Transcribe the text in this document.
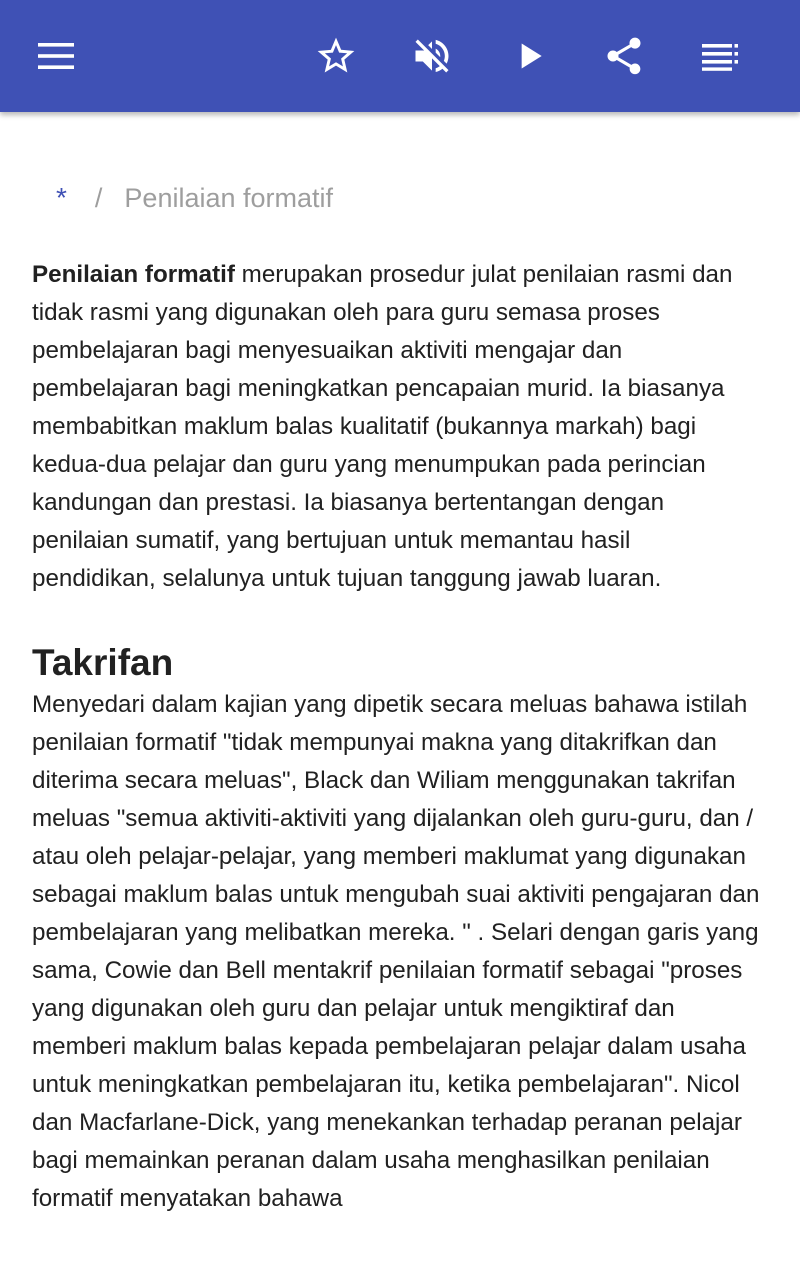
* / Penilaian formatif

Penilaian formatif merupakan prosedur julat penilaian rasmi dan tidak rasmi yang digunakan oleh para guru semasa proses pembelajaran bagi menyesuaikan aktiviti mengajar dan pembelajaran bagi meningkatkan pencapaian murid. Ia biasanya membabitkan maklum balas kualitatif (bukannya markah) bagi kedua-dua pelajar dan guru yang menumpukan pada perincian kandungan dan prestasi. Ia biasanya bertentangan dengan penilaian sumatif, yang bertujuan untuk memantau hasil pendidikan, selalunya untuk tujuan tanggung jawab luaran.

Takrifan

Menyedari dalam kajian yang dipetik secara meluas bahawa istilah penilaian formatif "tidak mempunyai makna yang ditakrifkan dan diterima secara meluas", Black dan Wiliam menggunakan takrifan meluas "semua aktiviti-aktiviti yang dijalankan oleh guru-guru, dan / atau oleh pelajar-pelajar, yang memberi maklumat yang digunakan sebagai maklum balas untuk mengubah suai aktiviti pengajaran dan pembelajaran yang melibatkan mereka. " . Selari dengan garis yang sama, Cowie dan Bell mentakrif penilaian formatif sebagai "proses yang digunakan oleh guru dan pelajar untuk mengiktiraf dan memberi maklum balas kepada pembelajaran pelajar dalam usaha untuk meningkatkan pembelajaran itu, ketika pembelajaran". Nicol dan Macfarlane-Dick, yang menekankan terhadap peranan pelajar bagi memainkan peranan dalam usaha menghasilkan penilaian formatif menyatakan bahawa
